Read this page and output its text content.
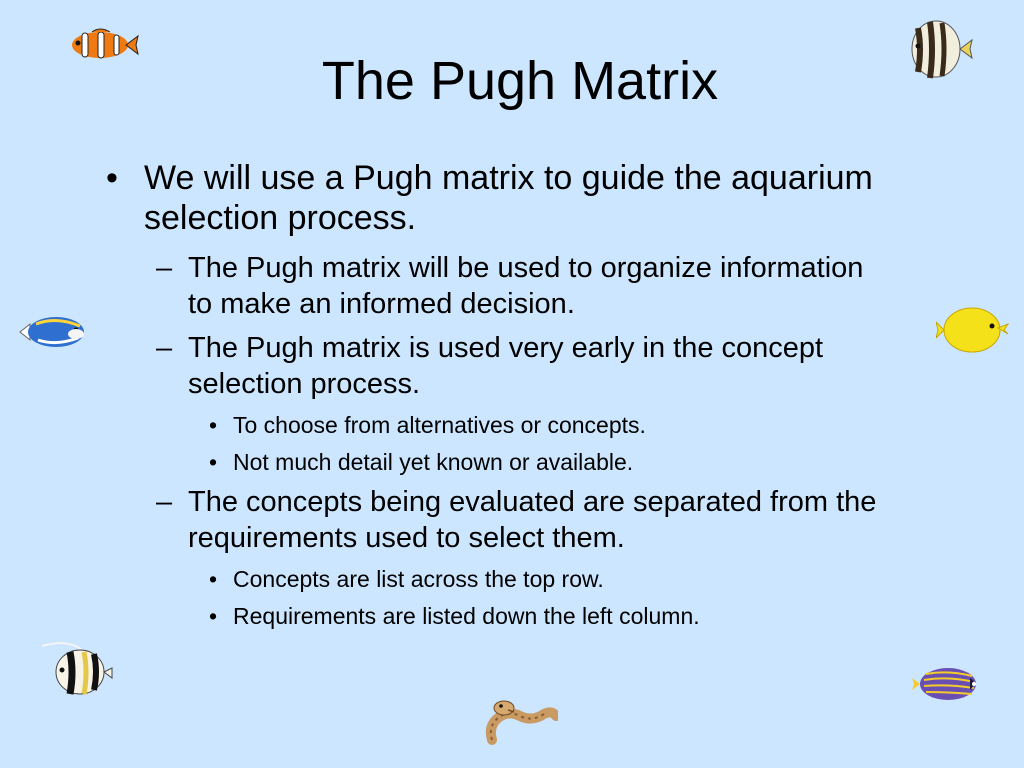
The Pugh Matrix
• We will use a Pugh matrix to guide the aquarium selection process.
– The Pugh matrix will be used to organize information to make an informed decision.
– The Pugh matrix is used very early in the concept selection process.
• To choose from alternatives or concepts.
• Not much detail yet known or available.
– The concepts being evaluated are separated from the requirements used to select them.
• Concepts are list across the top row.
• Requirements are listed down the left column.
